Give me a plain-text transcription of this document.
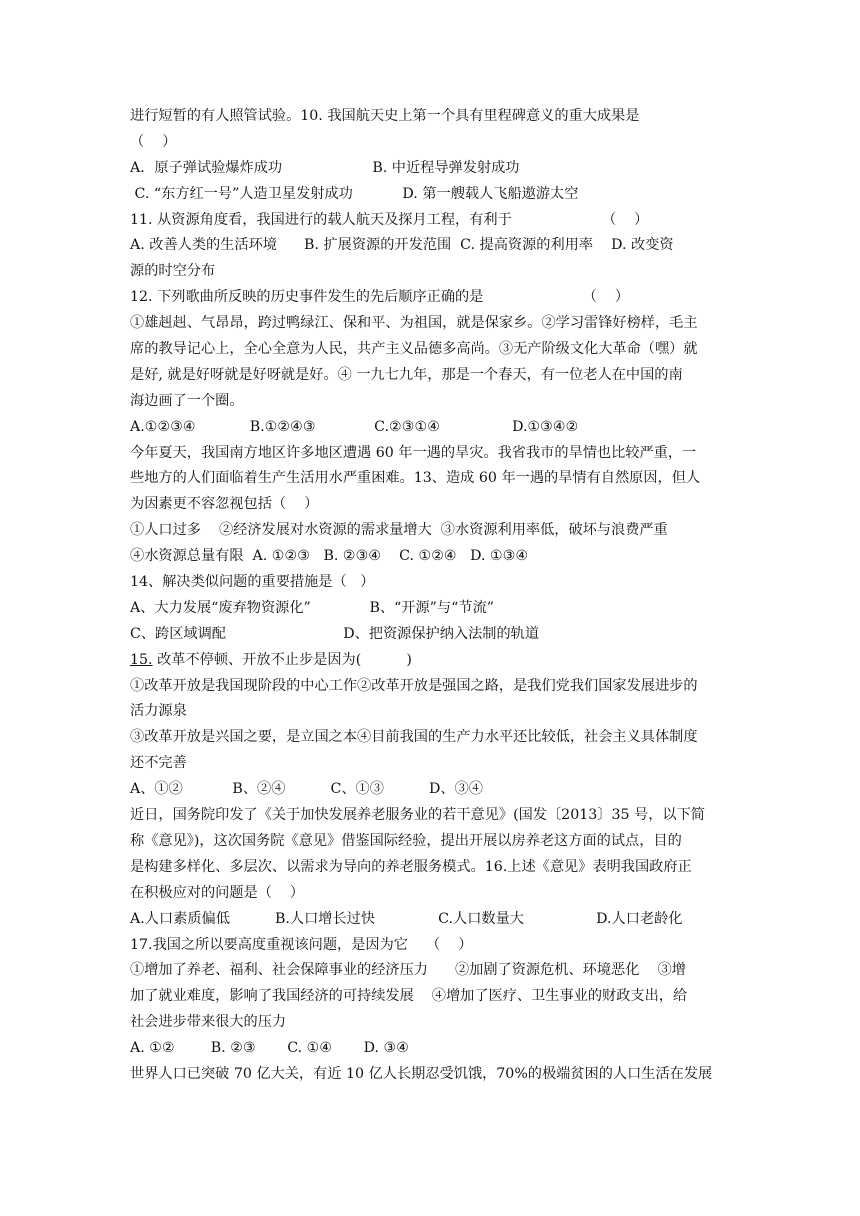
进行短暂的有人照管试验。10. 我国航天史上第一个具有里程碑意义的重大成果是
（    ）
A．原子弹试验爆炸成功                    B. 中近程导弹发射成功
C. “东方红一号”人造卫星发射成功           D. 第一艘载人飞船遨游太空
11. 从资源角度看，我国进行的载人航天及探月工程，有利于                    （    ）
A. 改善人类的生活环境      B. 扩展资源的开发范围  C. 提高资源的利用率    D. 改变资
源的时空分布
12. 下列歌曲所反映的历史事件发生的先后顺序正确的是                      （    ）
①雄赳赳、气昂昂，跨过鸭绿江、保和平、为祖国，就是保家乡。②学习雷锋好榜样，毛主
席的教导记心上，全心全意为人民，共产主义品德多高尚。③无产阶级文化大革命（嘿）就
是好, 就是好呀就是好呀就是好。④ 一九七九年，那是一个春天，有一位老人在中国的南
海边画了一个圈。
A.①②③④            B.①②④③             C.②③①④                D.①③④②
今年夏天，我国南方地区许多地区遭遇 60 年一遇的旱灾。我省我市的旱情也比较严重，一
些地方的人们面临着生产生活用水严重困难。13、造成 60 年一遇的旱情有自然原因，但人
为因素更不容忽视包括（    ）
①人口过多    ②经济发展对水资源的需求量增大  ③水资源利用率低，破坏与浪费严重
④水资源总量有限  A. ①②③   B. ②③④    C. ①②④   D. ①③④
14、解决类似问题的重要措施是（   ）
A、大力发展“废弃物资源化”             B、“开源”与“节流”
C、跨区域调配                          D、把资源保护纳入法制的轨道
15. 改革不停顿、开放不止步是因为(          )
①改革开放是我国现阶段的中心工作②改革开放是强国之路，是我们党我们国家发展进步的
活力源泉
③改革开放是兴国之要，是立国之本④目前我国的生产力水平还比较低，社会主义具体制度
还不完善
A、①②           B、②④          C、①③          D、③④
近日，国务院印发了《关于加快发展养老服务业的若干意见》(国发〔2013〕35 号，以下简
称《意见》)，这次国务院《意见》借鉴国际经验，提出开展以房养老这方面的试点，目的
是构建多样化、多层次、以需求为导向的养老服务模式。16.上述《意见》表明我国政府正
在积极应对的问题是（    ）
A.人口素质偏低          B.人口增长过快              C.人口数量大                D.人口老龄化
17.我国之所以要高度重视该问题，是因为它    （    ）
①增加了养老、福利、社会保障事业的经济压力      ②加剧了资源危机、环境恶化    ③增
加了就业难度，影响了我国经济的可持续发展    ④增加了医疗、卫生事业的财政支出，给
社会进步带来很大的压力
A. ①②        B. ②③       C. ①④       D. ③④
世界人口已突破 70 亿大关，有近 10 亿人长期忍受饥饿，70%的极端贫困的人口生活在发展
